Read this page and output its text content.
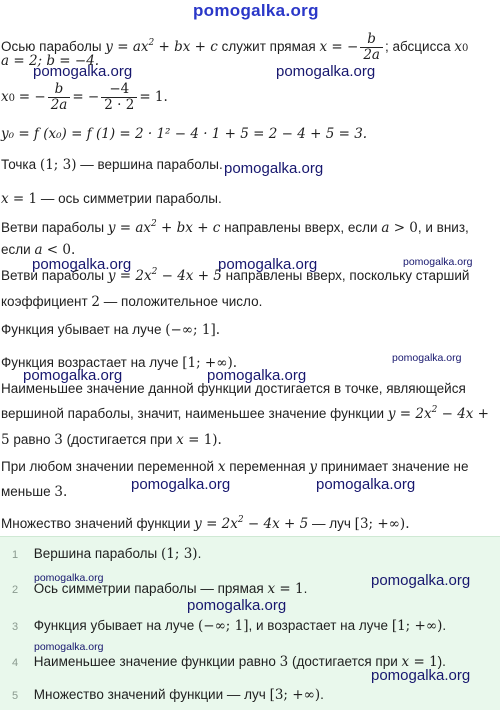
pomogalka.org
Осью параболы $y = ax^2$ + bx + c служит прямая x = − $\frac{b}{2a}$ ; абсцисса x0
a = 2; b = −4.
pomogalka.org	pomogalka.org
x0 = − $\frac{b}{2a}$ = − $\frac{-4}{2 \cdot 2} = 1$.
y₀ = f (x₀) = f (1) = 2 · 1² − 4 · 1 + 5 = 2 − 4 + 5 = 3.
Точка (1; 3) — вершина параболы. pomogalka.org
x = 1 — ось симметрии параболы.
Ветви параболы $y = ax^2$ + bx + c направлены вверх, если a > 0, и вниз,
если a < 0.
pomogalka.org	pomogalka.org	pomogalka.org
Ветви параболы $y = 2x^2 - 4x + 5$ направлены вверх, поскольку старший
коэффициент 2 — положительное число.
Функция убывает на луче (−∞; 1].
Функция возрастает на луче [1; +∞).	pomogalka.org
pomogalka.org	pomogalka.org
Наименьшее значение данной функции достигается в точке, являющейся
вершиной параболы, значит, наименьшее значение функции $y = 2x^2 - 4x$ +
5 равно 3 (достигается при x = 1).
При любом значении переменной x переменная y принимает значение не
меньше 3.	pomogalka.org	pomogalka.org
Множество значений функции $y = 2x^2 - 4x + 5$ — луч [3; +∞).
1 Вершина параболы (1; 3).
pomogalka.org	pomogalka.org
2 Ось симметрии параболы — прямая x = 1.
pomogalka.org
3 Функция убывает на луче (−∞; 1], и возрастает на луче [1; +∞).
pomogalka.org
4 Наименьшее значение функции равно 3 (достигается при x = 1).
pomogalka.org
5 Множество значений функции — луч [3; +∞).
